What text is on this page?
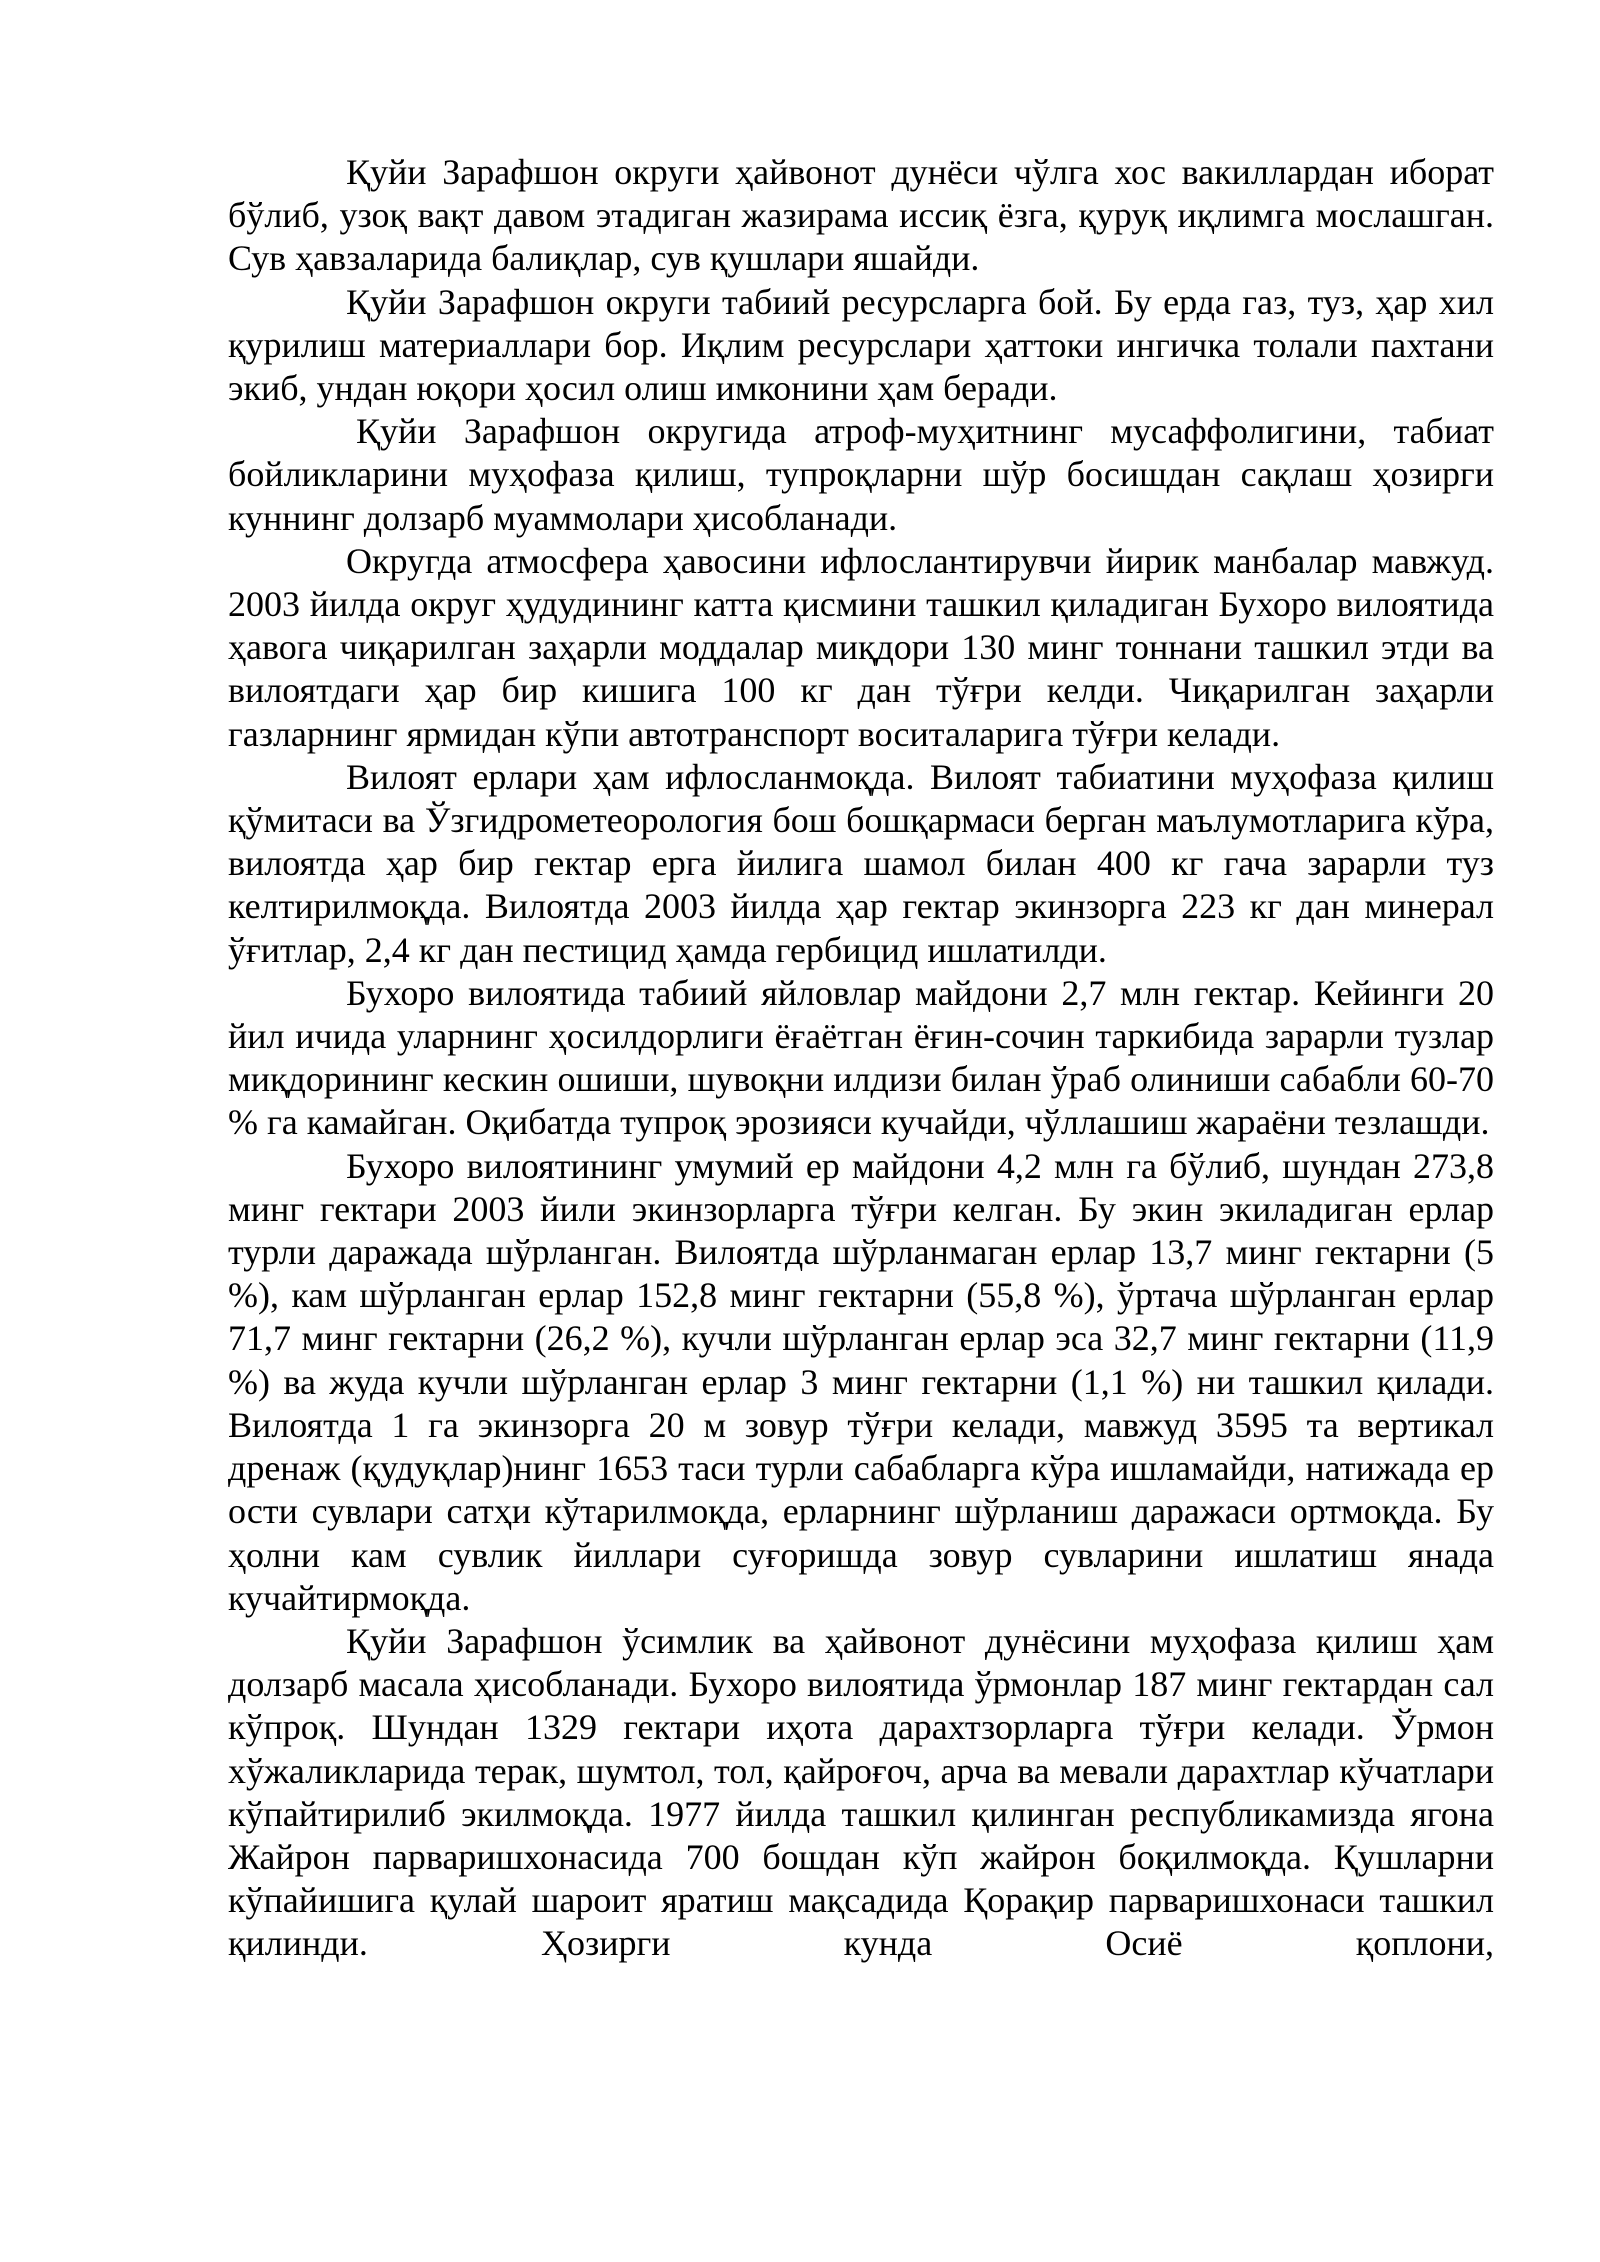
Қуйи Зарафшон округи ҳайвонот дунёси чўлга хос вакиллардан иборат бўлиб, узоқ вақт давом этадиган жазирама иссиқ ёзга, қуруқ иқлимга мослашган. Сув ҳавзаларида балиқлар, сув қушлари яшайди.

Қуйи Зарафшон округи табиий ресурсларга бой. Бу ерда газ, туз, ҳар хил қурилиш материаллари бор. Иқлим ресурслари ҳаттоки ингичка толали пахтани экиб, ундан юқори ҳосил олиш имконини ҳам беради.

Қуйи Зарафшон округида атроф-муҳитнинг мусаффолигини, табиат бойликларини муҳофаза қилиш, тупроқларни шўр босишдан сақлаш ҳозирги куннинг долзарб муаммолари ҳисобланади.

Округда атмосфера ҳавосини ифлослантирувчи йирик манбалар мавжуд. 2003 йилда округ ҳудудининг катта қисмини ташкил қиладиган Бухоро вилоятида ҳавога чиқарилган заҳарли моддалар миқдори 130 минг тоннани ташкил этди ва вилоятдаги ҳар бир кишига 100 кг дан тўғри келди. Чиқарилган заҳарли газларнинг ярмидан кўпи автотранспорт воситаларига тўғри келади.

Вилоят ерлари ҳам ифлосланмоқда. Вилоят табиатини муҳофаза қилиш қўмитаси ва Ўзгидрометеорология бош бошқармаси берган маълумотларига кўра, вилоятда ҳар бир гектар ерга йилига шамол билан 400 кг гача зарарли туз келтирилмоқда. Вилоятда 2003 йилда ҳар гектар экинзорга 223 кг дан минерал ўғитлар, 2,4 кг дан пестицид ҳамда гербицид ишлатилди.

Бухоро вилоятида табиий яйловлар майдони 2,7 млн гектар. Кейинги 20 йил ичида уларнинг ҳосилдорлиги ёғаётган ёғин-сочин таркибида зарарли тузлар миқдорининг кескин ошиши, шувоқни илдизи билан ўраб олиниши сабабли 60-70 % га камайган. Оқибатда тупроқ эрозияси кучайди, чўллашиш жараёни тезлашди.

Бухоро вилоятининг умумий ер майдони 4,2 млн га бўлиб, шундан 273,8 минг гектари 2003 йили экинзорларга тўғри келган. Бу экин экиладиган ерлар турли даражада шўрланган. Вилоятда шўрланмаган ерлар 13,7 минг гектарни (5 %), кам шўрланган ерлар 152,8 минг гектарни (55,8 %), ўртача шўрланган ерлар 71,7 минг гектарни (26,2 %), кучли шўрланган ерлар эса 32,7 минг гектарни (11,9 %) ва жуда кучли шўрланган ерлар 3 минг гектарни (1,1 %) ни ташкил қилади. Вилоятда 1 га экинзорга 20 м зовур тўғри келади, мавжуд 3595 та вертикал дренаж (қудуқлар)нинг 1653 таси турли сабабларга кўра ишламайди, натижада ер ости сувлари сатҳи кўтарилмоқда, ерларнинг шўрланиш даражаси ортмоқда. Бу ҳолни кам сувлик йиллари суғоришда зовур сувларини ишлатиш янада кучайтирмоқда.

Қуйи Зарафшон ўсимлик ва ҳайвонот дунёсини муҳофаза қилиш ҳам долзарб масала ҳисобланади. Бухоро вилоятида ўрмонлар 187 минг гектардан сал кўпроқ. Шундан 1329 гектари иҳота дарахтзорларга тўғри келади. Ўрмон хўжаликларида терак, шумтол, тол, қайроғоч, арча ва мевали дарахтлар кўчатлари кўпайтирилиб экилмоқда. 1977 йилда ташкил қилинган республикамизда ягона Жайрон парваришхонасида 700 бошдан кўп жайрон боқилмоқда. Қушларни кўпайишига қулай шароит яратиш мақсадида Қорақир парваришхонаси ташкил қилинди. Ҳозирги кунда Осиё қоплони,
